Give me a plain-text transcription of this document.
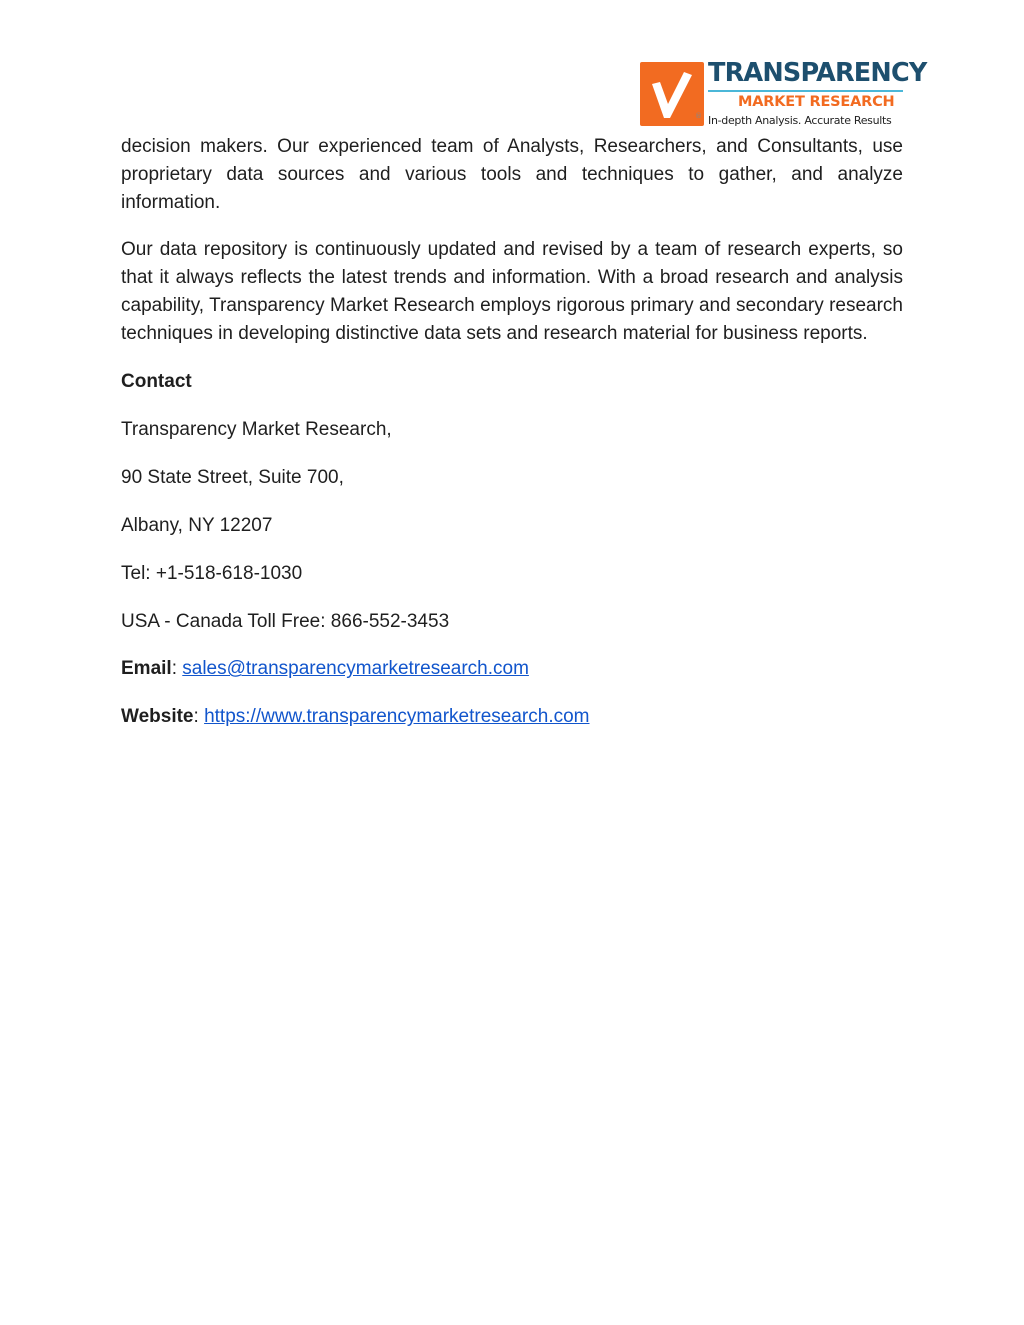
®
TRANSPARENCY
MARKET RESEARCH
In-depth Analysis. Accurate Results

decision makers. Our experienced team of Analysts, Researchers, and Consultants, use proprietary data sources and various tools and techniques to gather, and analyze information.

Our data repository is continuously updated and revised by a team of research experts, so that it always reflects the latest trends and information. With a broad research and analysis capability, Transparency Market Research employs rigorous primary and secondary research techniques in developing distinctive data sets and research material for business reports.

Contact

Transparency Market Research,

90 State Street, Suite 700,

Albany, NY 12207

Tel: +1-518-618-1030

USA - Canada Toll Free: 866-552-3453

Email: sales@transparencymarketresearch.com

Website: https://www.transparencymarketresearch.com
